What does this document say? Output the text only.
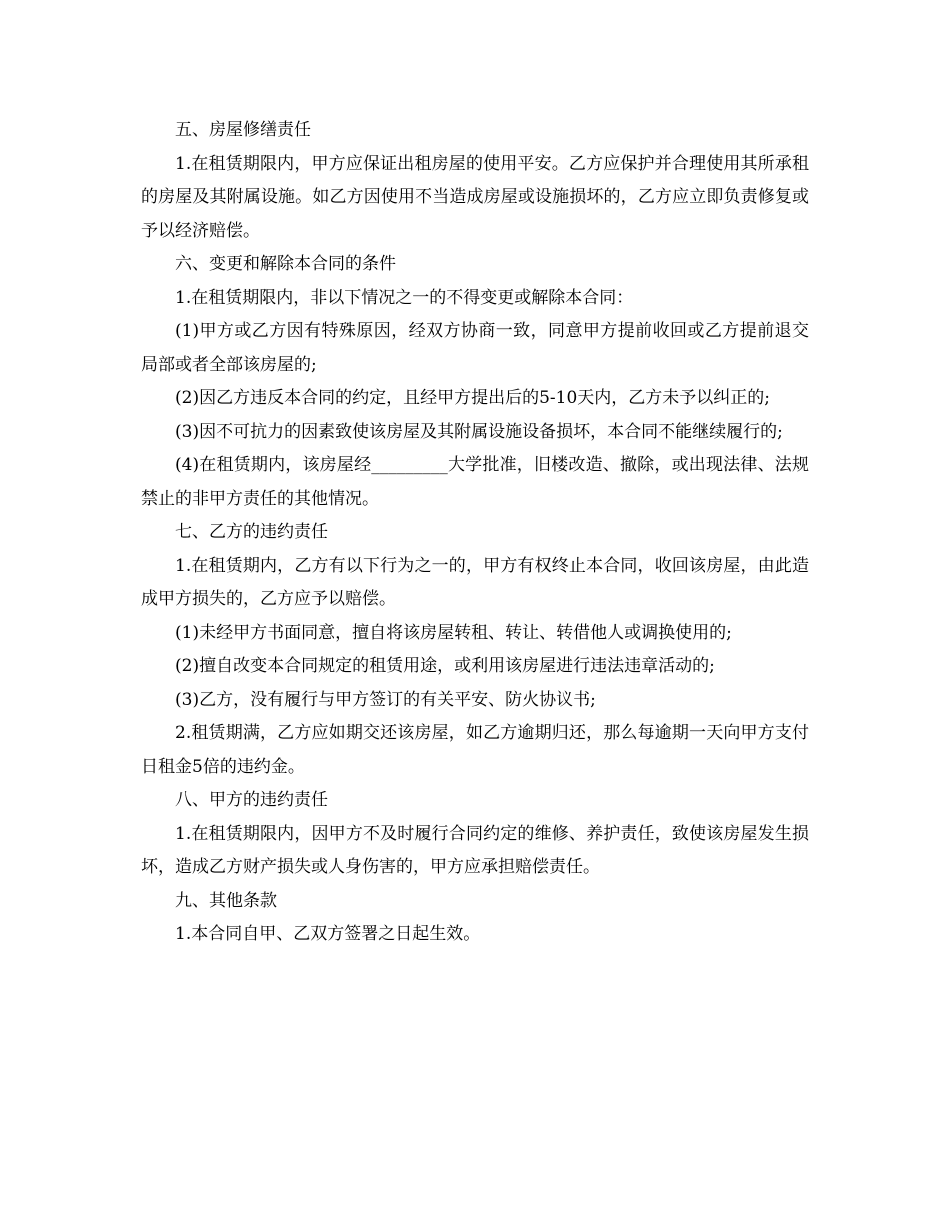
五、房屋修缮责任

1.在租赁期限内，甲方应保证出租房屋的使用平安。乙方应保护并合理使用其所承租的房屋及其附属设施。如乙方因使用不当造成房屋或设施损坏的，乙方应立即负责修复或予以经济赔偿。

六、变更和解除本合同的条件

1.在租赁期限内，非以下情况之一的不得变更或解除本合同：

(1)甲方或乙方因有特殊原因，经双方协商一致，同意甲方提前收回或乙方提前退交局部或者全部该房屋的;

(2)因乙方违反本合同的约定，且经甲方提出后的5-10天内，乙方未予以纠正的;

(3)因不可抗力的因素致使该房屋及其附属设施设备损坏，本合同不能继续履行的;

(4)在租赁期内，该房屋经_________大学批准，旧楼改造、撤除，或出现法律、法规禁止的非甲方责任的其他情况。

七、乙方的违约责任

1.在租赁期内，乙方有以下行为之一的，甲方有权终止本合同，收回该房屋，由此造成甲方损失的，乙方应予以赔偿。

(1)未经甲方书面同意，擅自将该房屋转租、转让、转借他人或调换使用的;

(2)擅自改变本合同规定的租赁用途，或利用该房屋进行违法违章活动的;

(3)乙方，没有履行与甲方签订的有关平安、防火协议书;

2.租赁期满，乙方应如期交还该房屋，如乙方逾期归还，那么每逾期一天向甲方支付日租金5倍的违约金。

八、甲方的违约责任

1.在租赁期限内，因甲方不及时履行合同约定的维修、养护责任，致使该房屋发生损坏，造成乙方财产损失或人身伤害的，甲方应承担赔偿责任。

九、其他条款

1.本合同自甲、乙双方签署之日起生效。
